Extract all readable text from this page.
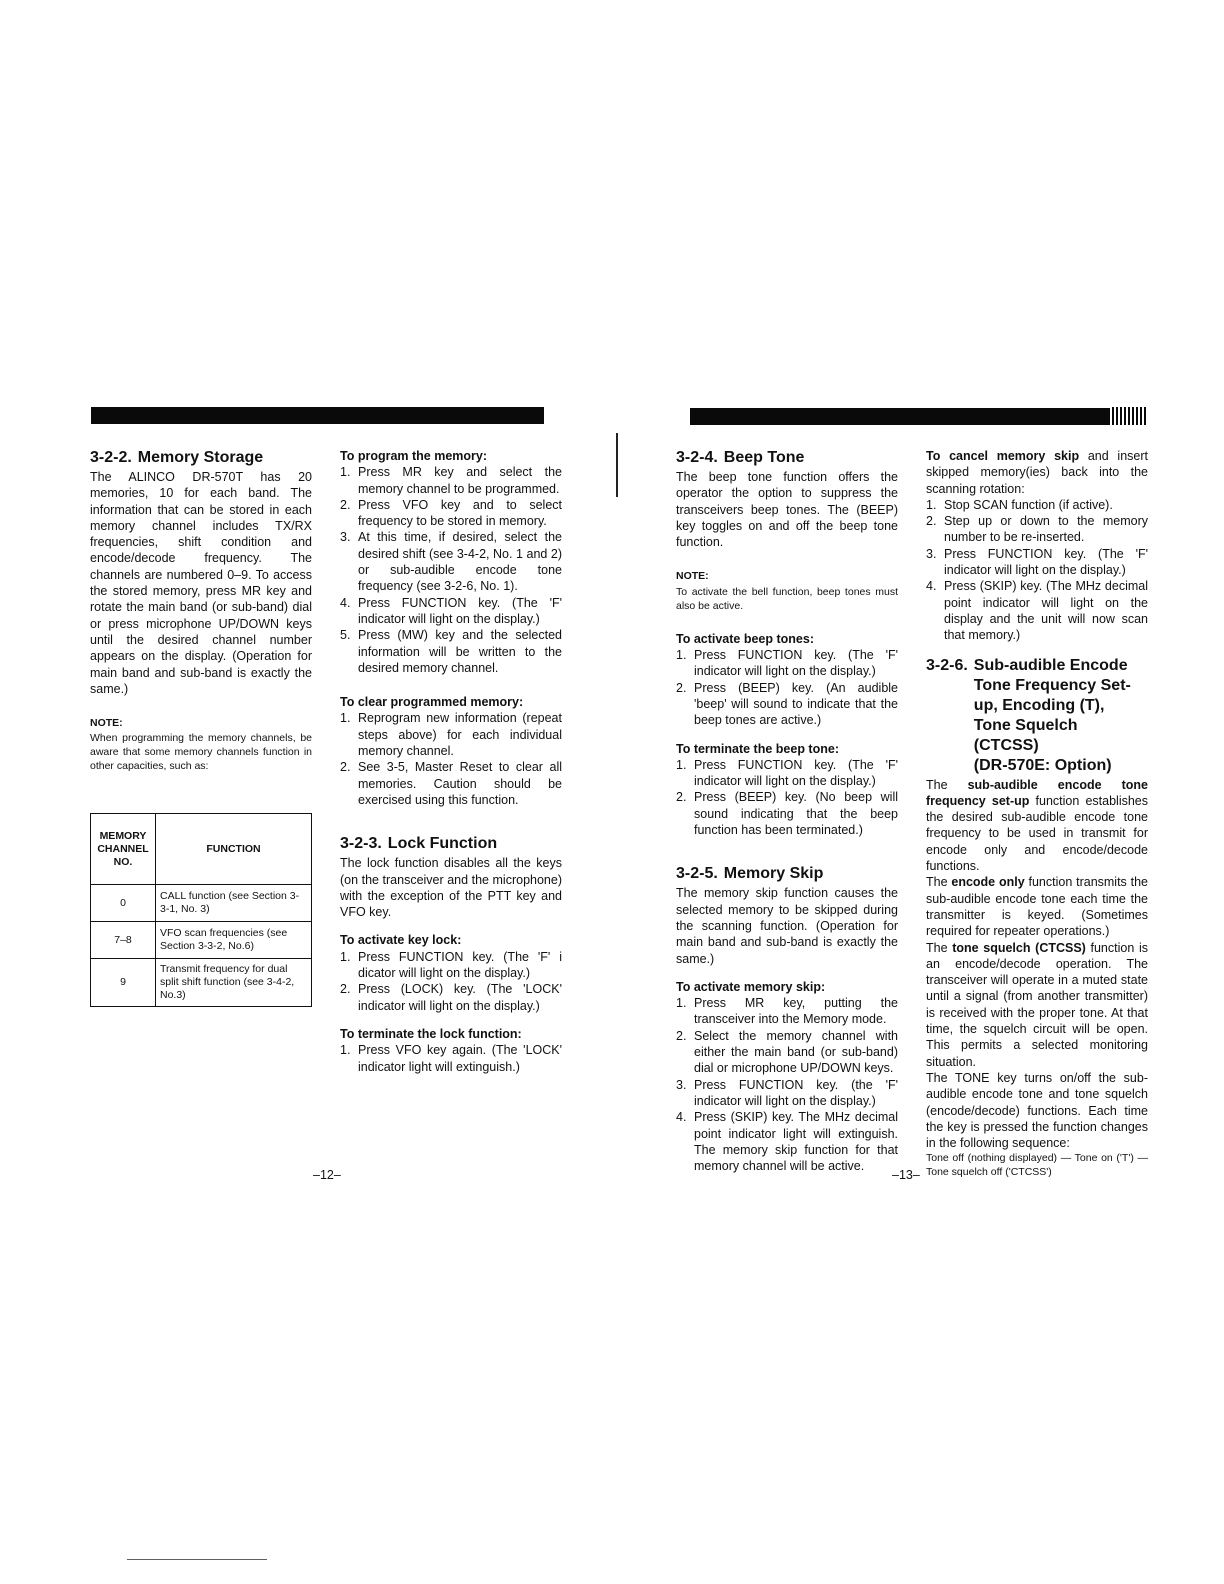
3-2-2. Memory Storage

The ALINCO DR-570T has 20 memories, 10 for each band. The information that can be stored in each memory channel includes TX/RX frequencies, shift condition and encode/decode frequency. The channels are numbered 0–9. To access the stored memory, press MR key and rotate the main band (or sub-band) dial or press microphone UP/DOWN keys until the desired channel number appears on the display. (Operation for main band and sub-band is exactly the same.)

NOTE:

When programming the memory channels, be aware that some memory channels function in other capacities, such as:

MEMORY CHANNEL NO.	FUNCTION
0	CALL function (see Section 3-3-1, No. 3)
7–8	VFO scan frequencies (see Section 3-3-2, No.6)
9	Transmit frequency for dual split shift function (see 3-4-2, No.3)

To program the memory:

1. Press MR key and select the memory channel to be programmed.
2. Press VFO key and to select frequency to be stored in memory.
3. At this time, if desired, select the desired shift (see 3-4-2, No. 1 and 2) or sub-audible encode tone frequency (see 3-2-6, No. 1).
4. Press FUNCTION key. (The 'F' indicator will light on the display.)
5. Press (MW) key and the selected information will be written to the desired memory channel.

To clear programmed memory:

1. Reprogram new information (repeat steps above) for each individual memory channel.
2. See 3-5, Master Reset to clear all memories. Caution should be exercised using this function.
3-2-3. Lock Function

The lock function disables all the keys (on the transceiver and the microphone) with the exception of the PTT key and VFO key.

To activate key lock:

1. Press FUNCTION key. (The 'F' i dicator will light on the display.)
2. Press (LOCK) key. (The 'LOCK' indicator will light on the display.)

To terminate the lock function:

1. Press VFO key again. (The 'LOCK' indicator light will extinguish.)
3-2-4. Beep Tone

The beep tone function offers the operator the option to suppress the transceivers beep tones. The (BEEP) key toggles on and off the beep tone function.

NOTE:

To activate the bell function, beep tones must also be active.

To activate beep tones:

1. Press FUNCTION key. (The 'F' indicator will light on the display.)
2. Press (BEEP) key. (An audible 'beep' will sound to indicate that the beep tones are active.)

To terminate the beep tone:

1. Press FUNCTION key. (The 'F' indicator will light on the display.)
2. Press (BEEP) key. (No beep will sound indicating that the beep function has been terminated.)
3-2-5. Memory Skip

The memory skip function causes the selected memory to be skipped during the scanning function. (Operation for main band and sub-band is exactly the same.)

To activate memory skip:

1. Press MR key, putting the transceiver into the Memory mode.
2. Select the memory channel with either the main band (or sub-band) dial or microphone UP/DOWN keys.
3. Press FUNCTION key. (the 'F' indicator will light on the display.)
4. Press (SKIP) key. The MHz decimal point indicator light will extinguish. The memory skip function for that memory channel will be active.

To cancel memory skip and insert skipped memory(ies) back into the scanning rotation:

1. Stop SCAN function (if active).
2. Step up or down to the memory number to be re-inserted.
3. Press FUNCTION key. (The 'F' indicator will light on the display.)
4. Press (SKIP) key. (The MHz decimal point indicator will light on the display and the unit will now scan that memory.)
3-2-6. Sub-audible Encode
Tone Frequency Set-
up, Encoding (T),
Tone Squelch
(CTCSS)
(DR-570E: Option)

The sub-audible encode tone frequency set-up function establishes the desired sub-audible encode tone frequency to be used in transmit for encode only and encode/decode functions.

The encode only function transmits the sub-audible encode tone each time the transmitter is keyed. (Sometimes required for repeater operations.)

The tone squelch (CTCSS) function is an encode/decode operation. The transceiver will operate in a muted state until a signal (from another transmitter) is received with the proper tone. At that time, the squelch circuit will be open. This permits a selected monitoring situation.

The TONE key turns on/off the sub-audible encode tone and tone squelch (encode/decode) functions. Each time the key is pressed the function changes in the following sequence:

Tone off (nothing displayed) — Tone on ('T') — Tone squelch off ('CTCSS')

–12–	–13–
